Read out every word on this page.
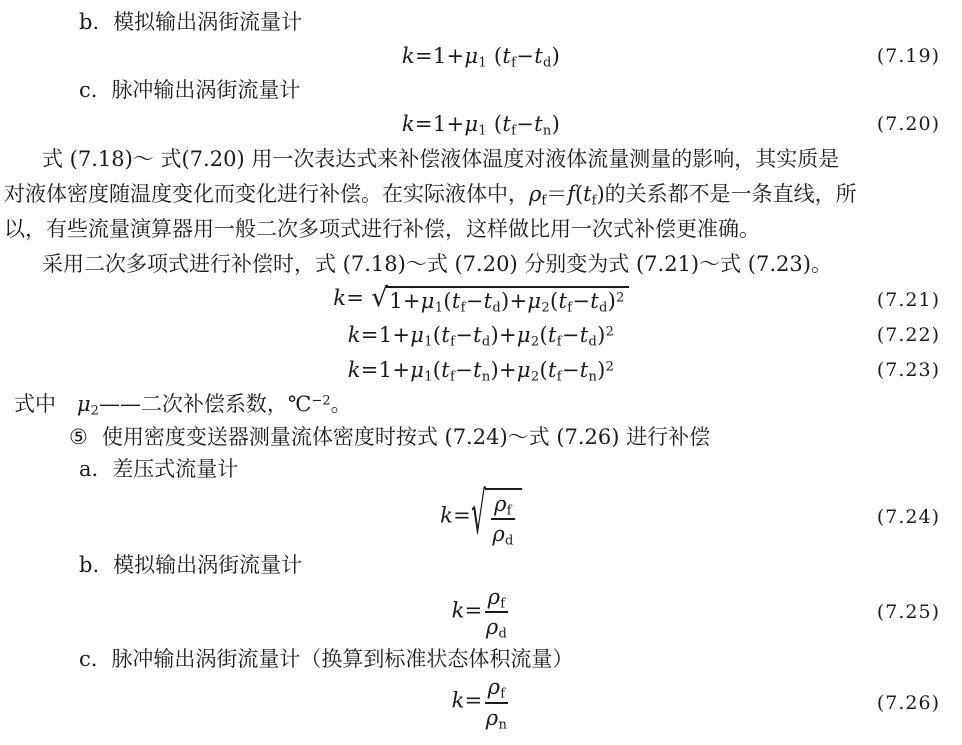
b. 模拟输出涡街流量计
$k=1+\mu_1$ $(t_f-t_d)$	(7.19)
c. 脉冲输出涡街流量计
$k=1+\mu_1$ $(t_f-t_n)$	(7.20)
式 (7.18)～ 式(7.20) 用一次表达式来补偿液体温度对液体流量测量的影响，其实质是
对液体密度随温度变化而变化进行补偿。在实际液体中，$\rho_f=f(t_f)$的关系都不是一条直线，所
以，有些流量演算器用一般二次多项式进行补偿，这样做比用一次式补偿更准确。
采用二次多项式进行补偿时，式 (7.18)～式 (7.20) 分别变为式 (7.21)～式 (7.23)。
k= √ $1+\mu_1(t_f-t_d)+\mu_2(t_f-t_d)^2$	(7.21)
$k=1+\mu_1(t_f-t_d)+\mu_2(t_f-t_d)^2$	(7.22)
$k=1+\mu_1(t_f-t_n)+\mu_2(t_f-t_n)^2$	(7.23)
式中　$\mu_2——$二次补偿系数，℃$^{-2}$。
⑤ 使用密度变送器测量流体密度时按式 (7.24)～式 (7.26) 进行补偿
a. 差压式流量计
k= √ $\frac{\rho_f}{\rho_d}$	(7.24)
b. 模拟输出涡街流量计
$k= \frac{\rho_f}{\rho_d}$	(7.25)
c. 脉冲输出涡街流量计（换算到标准状态体积流量）
$k= \frac{\rho_f}{\rho_n}$	(7.26)
